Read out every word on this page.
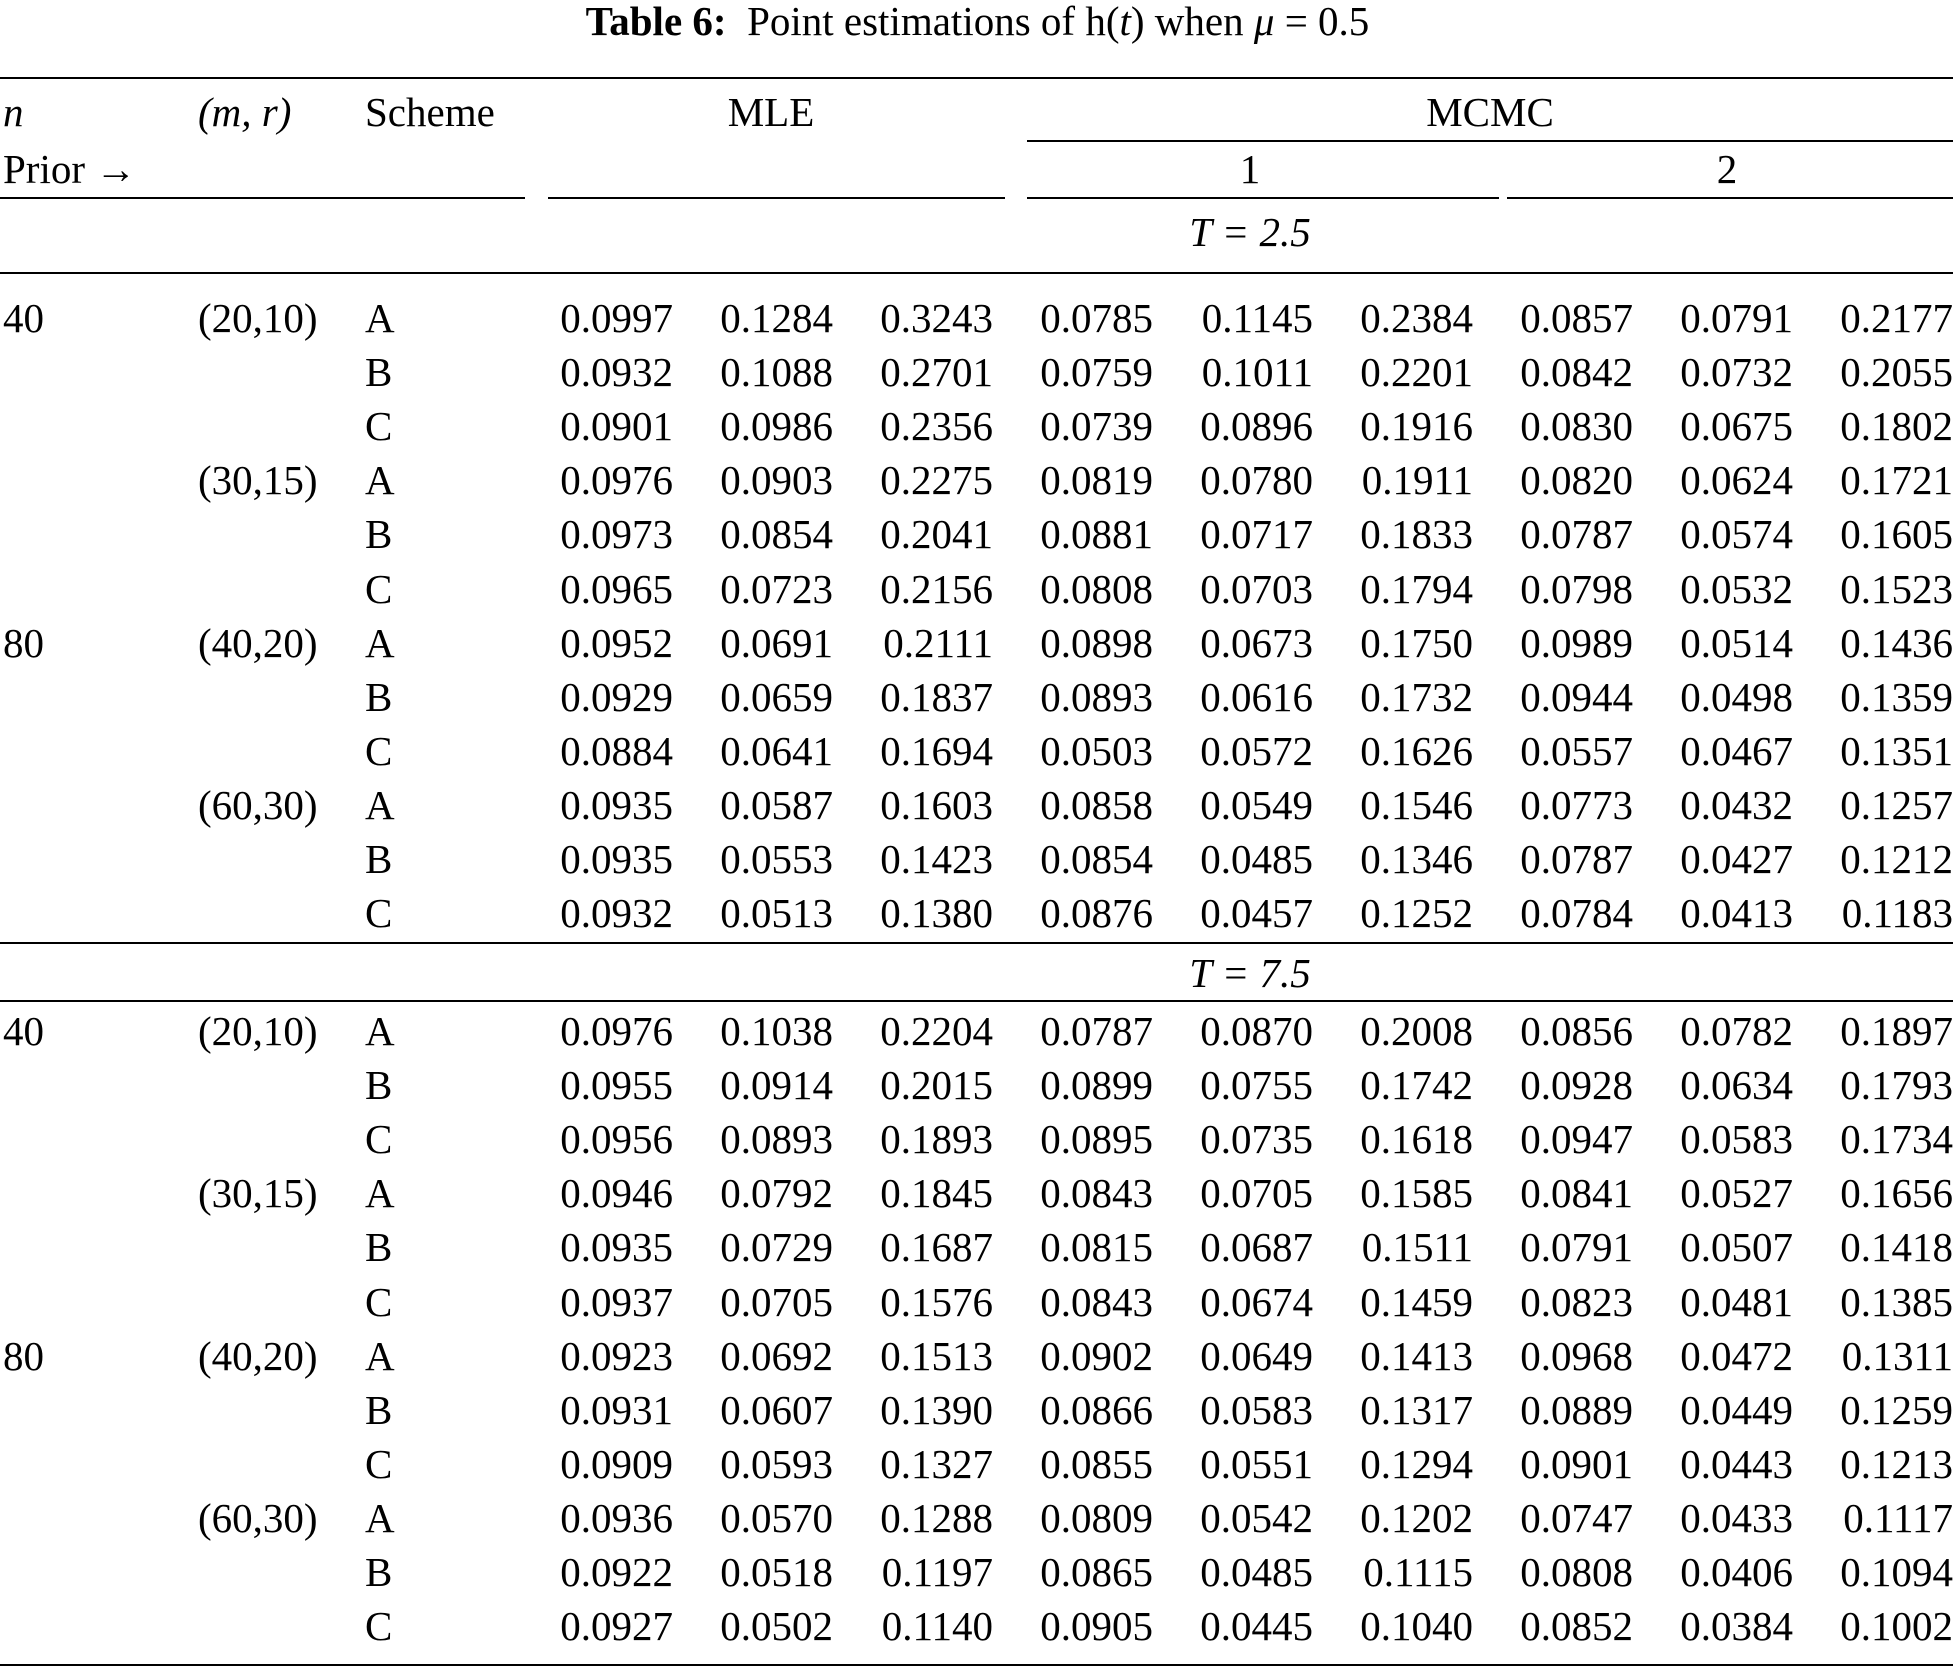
Table 6: Point estimations of h(t) when μ = 0.5
n
Prior →
(m, r) Scheme	MLE	MCMC
1	2
T = 2.5
40	(20,10) A	0.0997 0.1284 0.3243 0.0785 0.1145 0.2384 0.0857 0.0791 0.2177
B	0.0932 0.1088 0.2701 0.0759 0.1011 0.2201 0.0842 0.0732 0.2055
C	0.0901 0.0986 0.2356 0.0739 0.0896 0.1916 0.0830 0.0675 0.1802
(30,15) A	0.0976 0.0903 0.2275 0.0819 0.0780 0.1911 0.0820 0.0624 0.1721
B	0.0973 0.0854 0.2041 0.0881 0.0717 0.1833 0.0787 0.0574 0.1605
C	0.0965 0.0723 0.2156 0.0808 0.0703 0.1794 0.0798 0.0532 0.1523
80	(40,20) A	0.0952 0.0691 0.2111 0.0898 0.0673 0.1750 0.0989 0.0514 0.1436
B	0.0929 0.0659 0.1837 0.0893 0.0616 0.1732 0.0944 0.0498 0.1359
C	0.0884 0.0641 0.1694 0.0503 0.0572 0.1626 0.0557 0.0467 0.1351
(60,30) A	0.0935 0.0587 0.1603 0.0858 0.0549 0.1546 0.0773 0.0432 0.1257
B	0.0935 0.0553 0.1423 0.0854 0.0485 0.1346 0.0787 0.0427 0.1212
C	0.0932 0.0513 0.1380 0.0876 0.0457 0.1252 0.0784 0.0413 0.1183
T = 7.5
40	(20,10) A	0.0976 0.1038 0.2204 0.0787 0.0870 0.2008 0.0856 0.0782 0.1897
B	0.0955 0.0914 0.2015 0.0899 0.0755 0.1742 0.0928 0.0634 0.1793
C	0.0956 0.0893 0.1893 0.0895 0.0735 0.1618 0.0947 0.0583 0.1734
(30,15) A	0.0946 0.0792 0.1845 0.0843 0.0705 0.1585 0.0841 0.0527 0.1656
B	0.0935 0.0729 0.1687 0.0815 0.0687 0.1511 0.0791 0.0507 0.1418
C	0.0937 0.0705 0.1576 0.0843 0.0674 0.1459 0.0823 0.0481 0.1385
80	(40,20) A	0.0923 0.0692 0.1513 0.0902 0.0649 0.1413 0.0968 0.0472 0.1311
B	0.0931 0.0607 0.1390 0.0866 0.0583 0.1317 0.0889 0.0449 0.1259
C	0.0909 0.0593 0.1327 0.0855 0.0551 0.1294 0.0901 0.0443 0.1213
(60,30) A	0.0936 0.0570 0.1288 0.0809 0.0542 0.1202 0.0747 0.0433 0.1117
B	0.0922 0.0518 0.1197 0.0865 0.0485 0.1115 0.0808 0.0406 0.1094
C	0.0927 0.0502 0.1140 0.0905 0.0445 0.1040 0.0852 0.0384 0.1002
